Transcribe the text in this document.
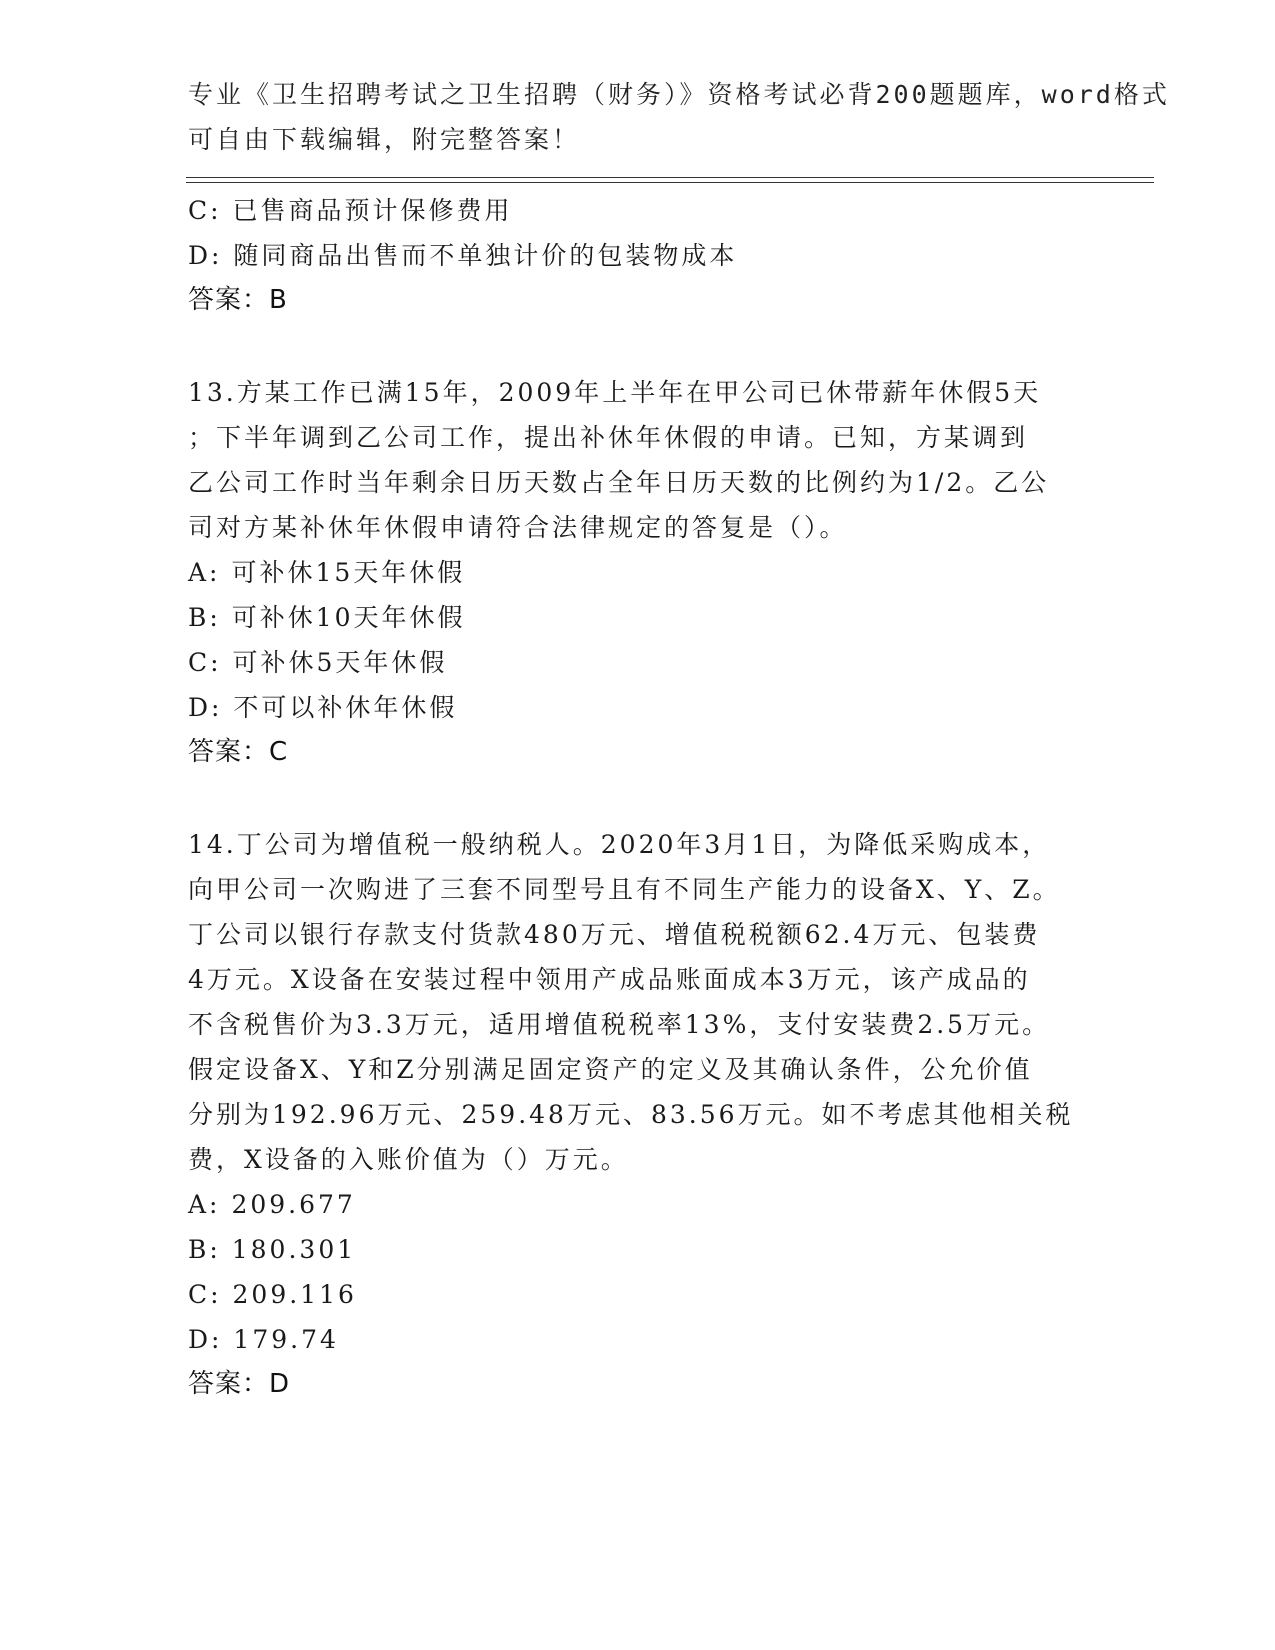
专业《卫生招聘考试之卫生招聘（财务）》资格考试必背200题题库，word格式
可自由下载编辑，附完整答案！
C: 已售商品预计保修费用
D: 随同商品出售而不单独计价的包装物成本
答案：B
13.方某工作已满15年，2009年上半年在甲公司已休带薪年休假5天
；下半年调到乙公司工作，提出补休年休假的申请。已知，方某调到
乙公司工作时当年剩余日历天数占全年日历天数的比例约为1/2。乙公
司对方某补休年休假申请符合法律规定的答复是（）。
A: 可补休15天年休假
B: 可补休10天年休假
C: 可补休5天年休假
D: 不可以补休年休假
答案：C
14.丁公司为增值税一般纳税人。2020年3月1日，为降低采购成本，
向甲公司一次购进了三套不同型号且有不同生产能力的设备X、Y、Z。
丁公司以银行存款支付货款480万元、增值税税额62.4万元、包装费
4万元。X设备在安装过程中领用产成品账面成本3万元，该产成品的
不含税售价为3.3万元，适用增值税税率13%，支付安装费2.5万元。
假定设备X、Y和Z分别满足固定资产的定义及其确认条件，公允价值
分别为192.96万元、259.48万元、83.56万元。如不考虑其他相关税
费，X设备的入账价值为（）万元。
A: 209.677
B: 180.301
C: 209.116
D: 179.74
答案：D
